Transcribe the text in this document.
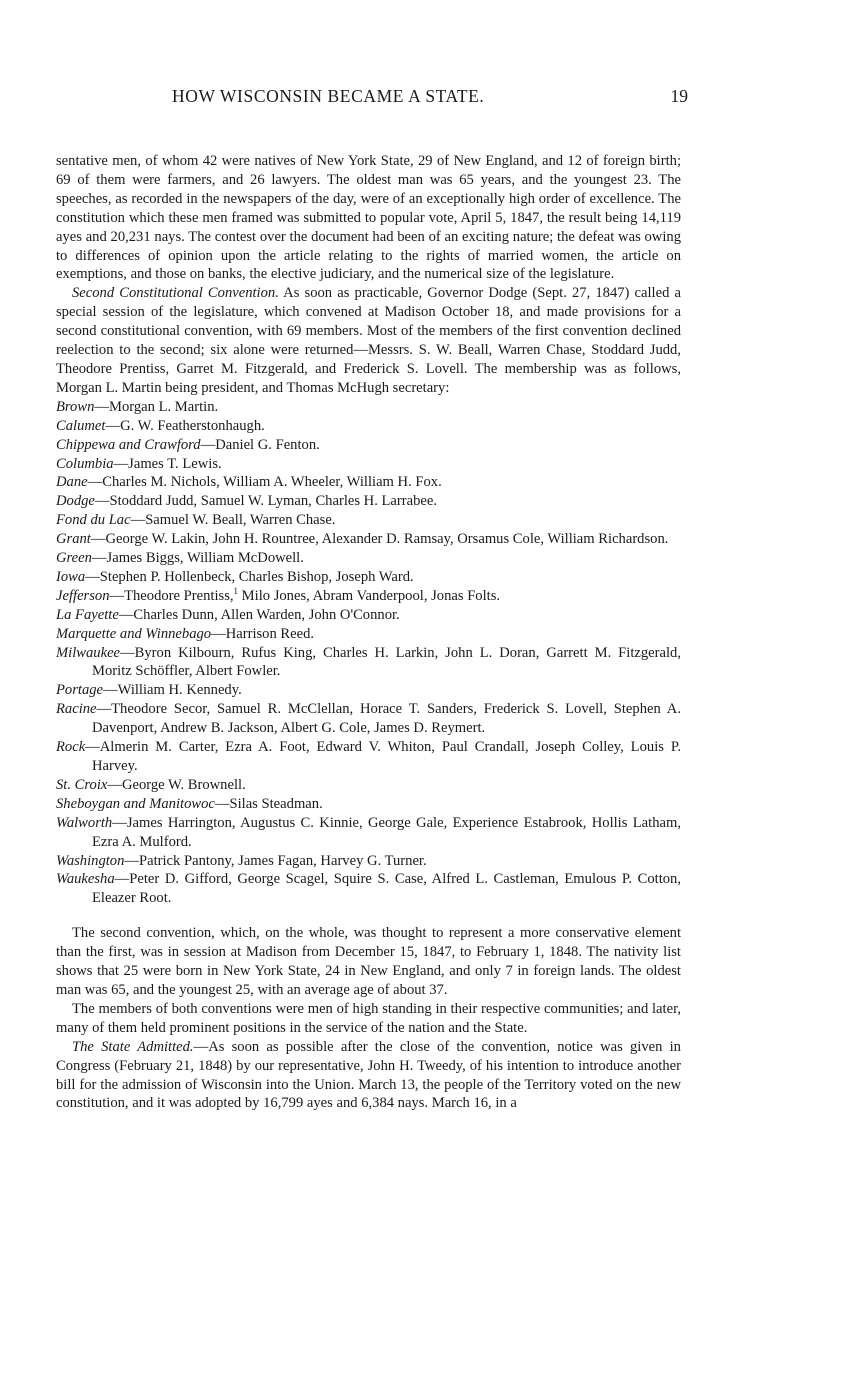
HOW WISCONSIN BECAME A STATE.	19

sentative men, of whom 42 were natives of New York State, 29 of New England, and 12 of foreign birth; 69 of them were farmers, and 26 lawyers. The oldest man was 65 years, and the youngest 23. The speeches, as recorded in the newspapers of the day, were of an exceptionally high order of excellence. The constitution which these men framed was submitted to popular vote, April 5, 1847, the result being 14,119 ayes and 20,231 nays. The contest over the document had been of an exciting nature; the defeat was owing to differences of opinion upon the article relating to the rights of married women, the article on exemptions, and those on banks, the elective judiciary, and the numerical size of the legislature.

Second Constitutional Convention. As soon as practicable, Governor Dodge (Sept. 27, 1847) called a special session of the legislature, which convened at Madison October 18, and made provisions for a second constitutional convention, with 69 members. Most of the members of the first convention declined reelection to the second; six alone were returned—Messrs. S. W. Beall, Warren Chase, Stoddard Judd, Theodore Prentiss, Garret M. Fitzgerald, and Frederick S. Lovell. The membership was as follows, Morgan L. Martin being president, and Thomas McHugh secretary:

Brown—Morgan L. Martin.

Calumet—G. W. Featherstonhaugh.

Chippewa and Crawford—Daniel G. Fenton.

Columbia—James T. Lewis.

Dane—Charles M. Nichols, William A. Wheeler, William H. Fox.

Dodge—Stoddard Judd, Samuel W. Lyman, Charles H. Larrabee.

Fond du Lac—Samuel W. Beall, Warren Chase.

Grant—George W. Lakin, John H. Rountree, Alexander D. Ramsay, Orsamus Cole, William Richardson.

Green—James Biggs, William McDowell.

Iowa—Stephen P. Hollenbeck, Charles Bishop, Joseph Ward.

Jefferson—Theodore Prentiss,$^1$ Milo Jones, Abram Vanderpool, Jonas Folts.

La Fayette—Charles Dunn, Allen Warden, John O'Connor.

Marquette and Winnebago—Harrison Reed.

Milwaukee—Byron Kilbourn, Rufus King, Charles H. Larkin, John L. Doran, Garrett M. Fitzgerald, Moritz Schöffler, Albert Fowler.

Portage—William H. Kennedy.

Racine—Theodore Secor, Samuel R. McClellan, Horace T. Sanders, Frederick S. Lovell, Stephen A. Davenport, Andrew B. Jackson, Albert G. Cole, James D. Reymert.

Rock—Almerin M. Carter, Ezra A. Foot, Edward V. Whiton, Paul Crandall, Joseph Colley, Louis P. Harvey.

St. Croix—George W. Brownell.

Sheboygan and Manitowoc—Silas Steadman.

Walworth—James Harrington, Augustus C. Kinnie, George Gale, Experience Estabrook, Hollis Latham, Ezra A. Mulford.

Washington—Patrick Pantony, James Fagan, Harvey G. Turner.

Waukesha—Peter D. Gifford, George Scagel, Squire S. Case, Alfred L. Castleman, Emulous P. Cotton, Eleazer Root.

The second convention, which, on the whole, was thought to represent a more conservative element than the first, was in session at Madison from December 15, 1847, to February 1, 1848. The nativity list shows that 25 were born in New York State, 24 in New England, and only 7 in foreign lands. The oldest man was 65, and the youngest 25, with an average age of about 37.

The members of both conventions were men of high standing in their respective communities; and later, many of them held prominent positions in the service of the nation and the State.

The State Admitted.—As soon as possible after the close of the convention, notice was given in Congress (February 21, 1848) by our representative, John H. Tweedy, of his intention to introduce another bill for the admission of Wisconsin into the Union. March 13, the people of the Territory voted on the new constitution, and it was adopted by 16,799 ayes and 6,384 nays. March 16, in a
